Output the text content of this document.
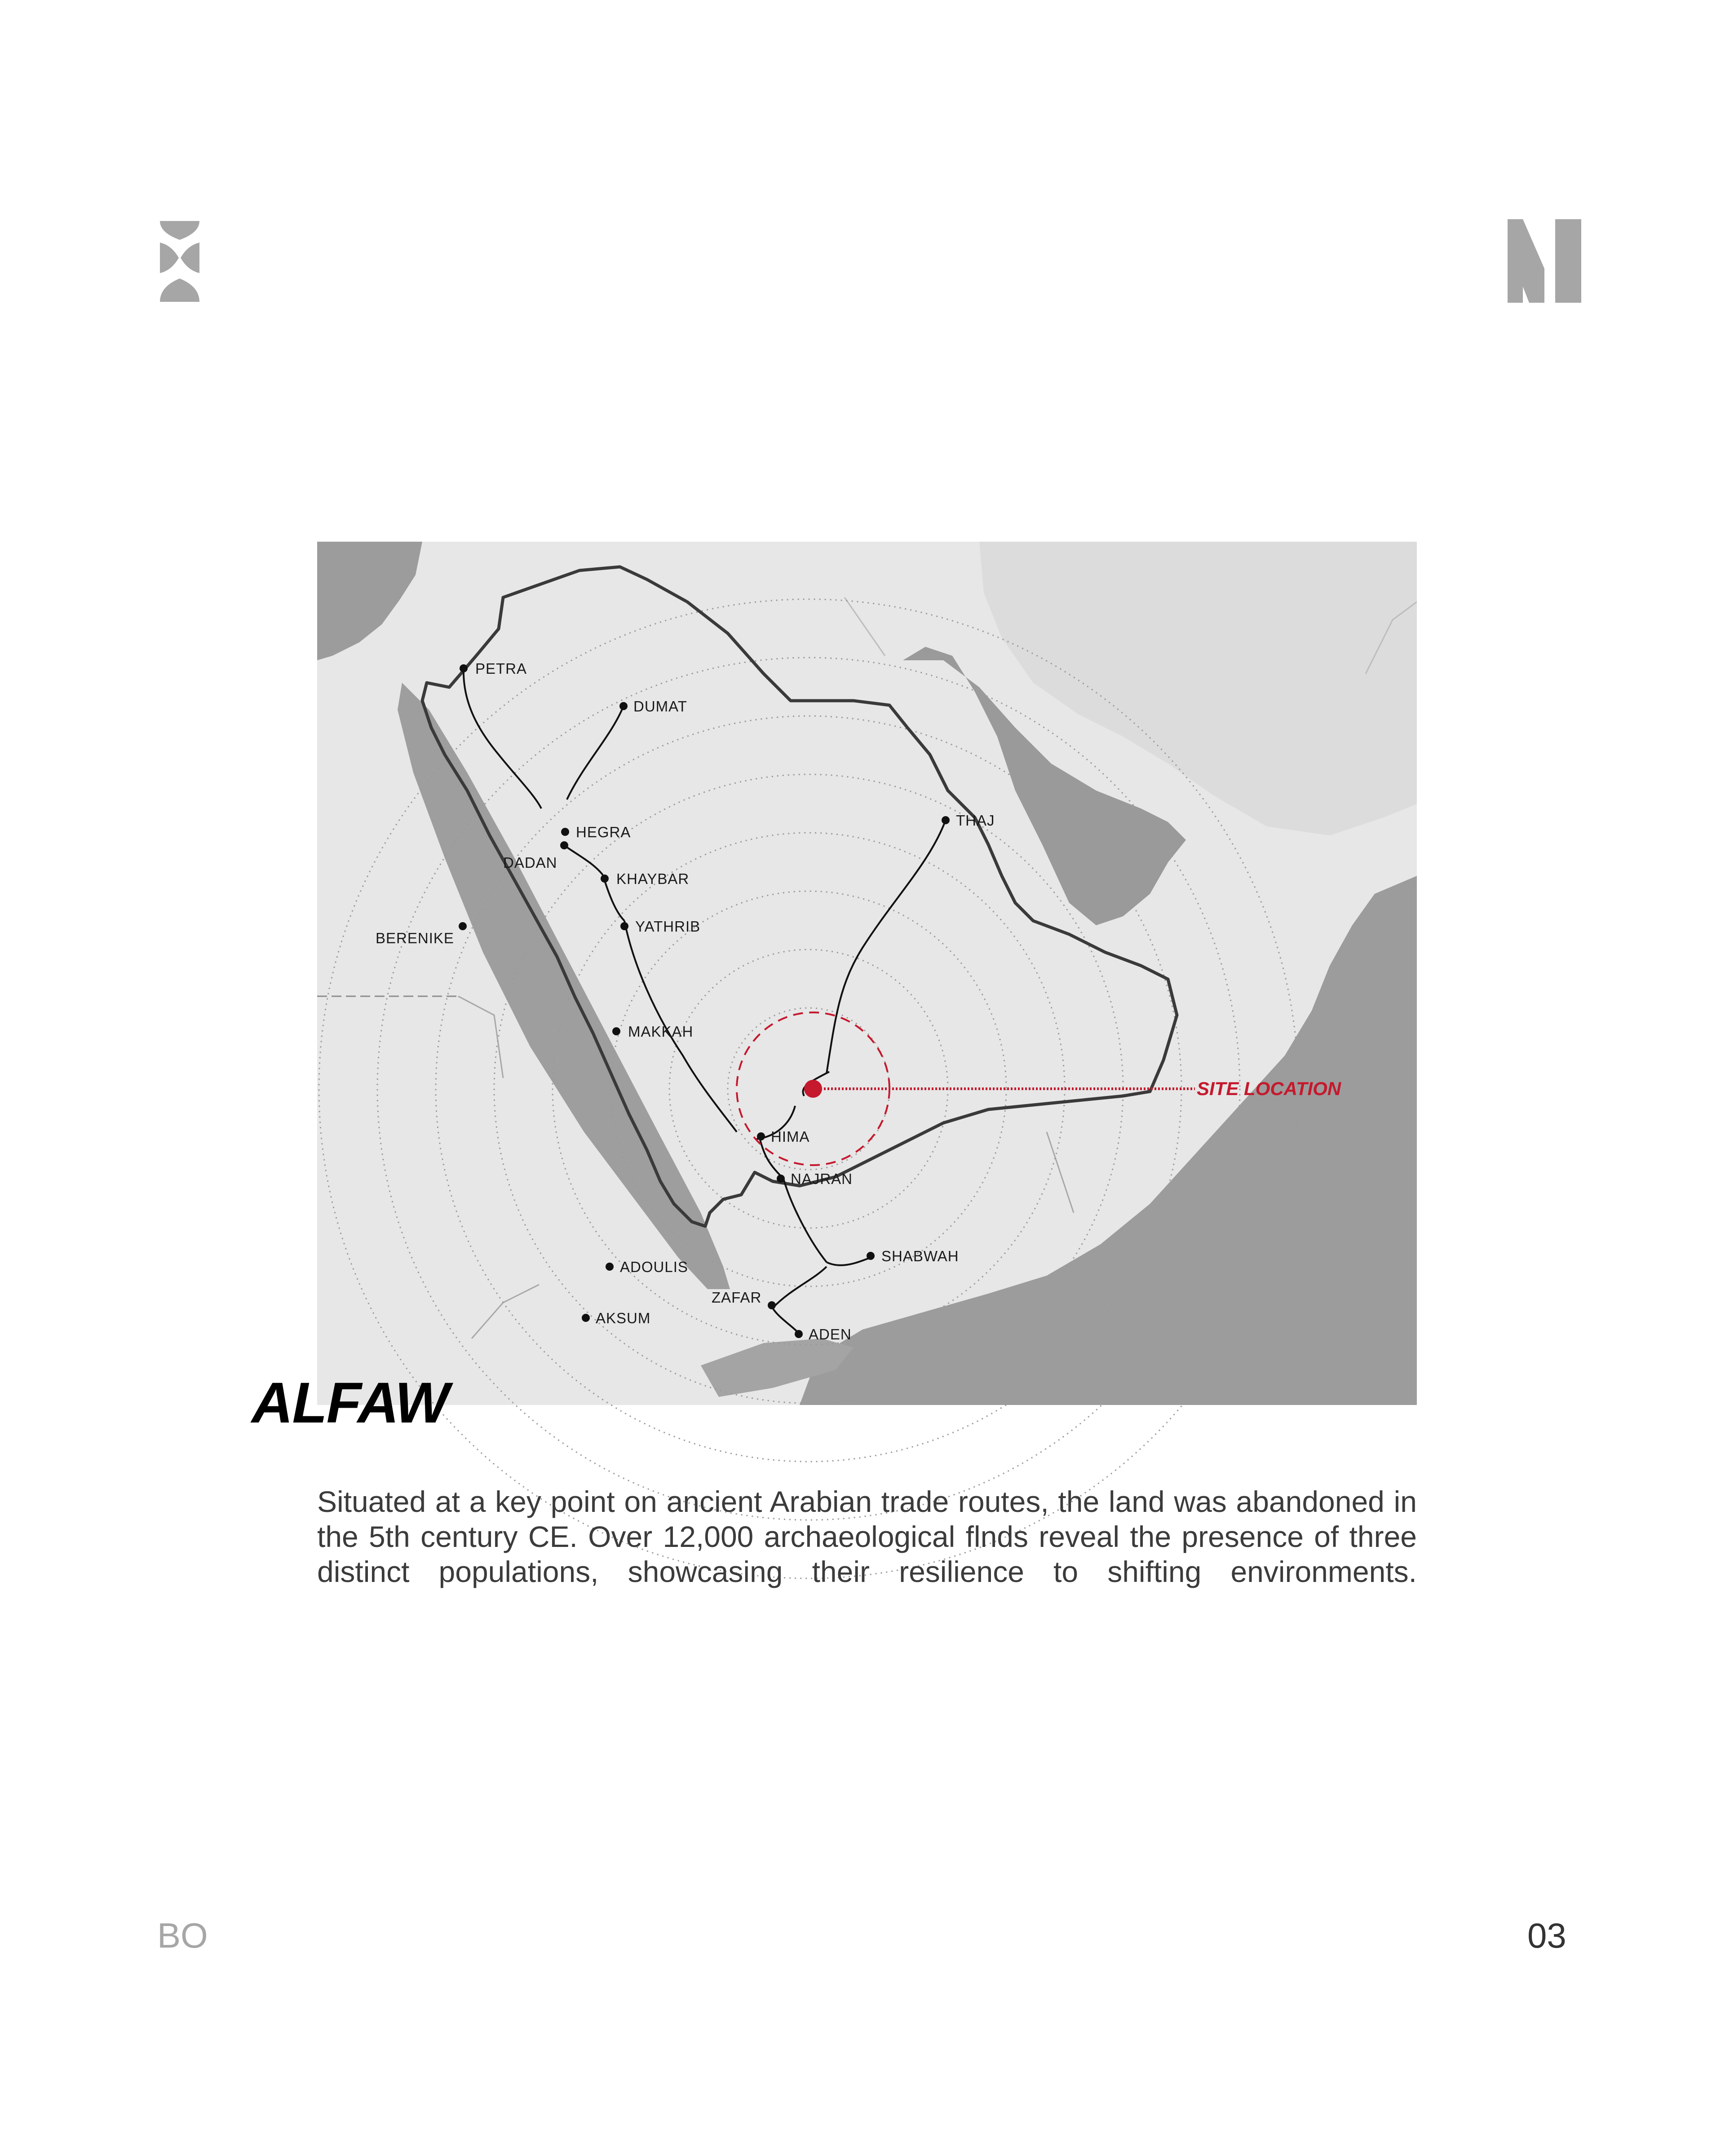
SITE LOCATION
PETRA
DUMAT
HEGRA
DADAN
KHAYBAR
YATHRIB
BERENIKE
MAKKAH
THAJ
HIMA
NAJRAN
SHABWAH
ADOULIS
ZAFAR
AKSUM
ADEN
ALFAW

Situated at a key point on ancient Arabian trade routes, the land was abandoned in the 5th century CE. Over 12,000 archaeological flnds reveal the presence of three distinct populations, showcasing their resilience to shifting environments.

BO	03
